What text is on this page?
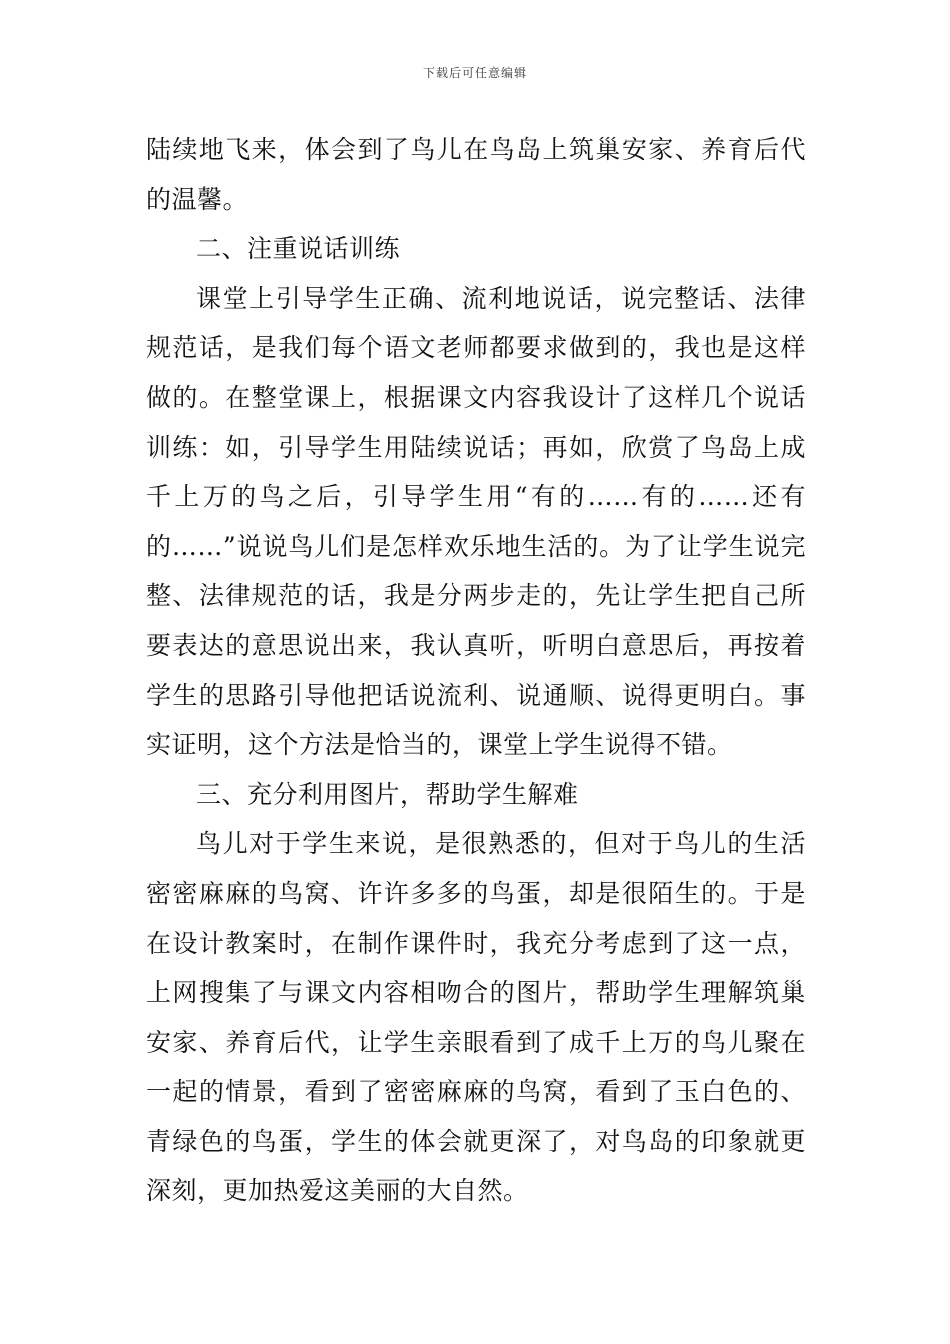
下载后可任意编辑

陆续地飞来，体会到了鸟儿在鸟岛上筑巢安家、养育后代的温馨。

二、注重说话训练

课堂上引导学生正确、流利地说话，说完整话、法律规范话，是我们每个语文老师都要求做到的，我也是这样做的。在整堂课上，根据课文内容我设计了这样几个说话训练：如，引导学生用陆续说话；再如，欣赏了鸟岛上成千上万的鸟之后，引导学生用“有的……有的……还有的……”说说鸟儿们是怎样欢乐地生活的。为了让学生说完整、法律规范的话，我是分两步走的，先让学生把自己所要表达的意思说出来，我认真听，听明白意思后，再按着学生的思路引导他把话说流利、说通顺、说得更明白。事实证明，这个方法是恰当的，课堂上学生说得不错。

三、充分利用图片，帮助学生解难

鸟儿对于学生来说，是很熟悉的，但对于鸟儿的生活密密麻麻的鸟窝、许许多多的鸟蛋，却是很陌生的。于是在设计教案时，在制作课件时，我充分考虑到了这一点，上网搜集了与课文内容相吻合的图片，帮助学生理解筑巢安家、养育后代，让学生亲眼看到了成千上万的鸟儿聚在一起的情景，看到了密密麻麻的鸟窝，看到了玉白色的、青绿色的鸟蛋，学生的体会就更深了，对鸟岛的印象就更深刻，更加热爱这美丽的大自然。
